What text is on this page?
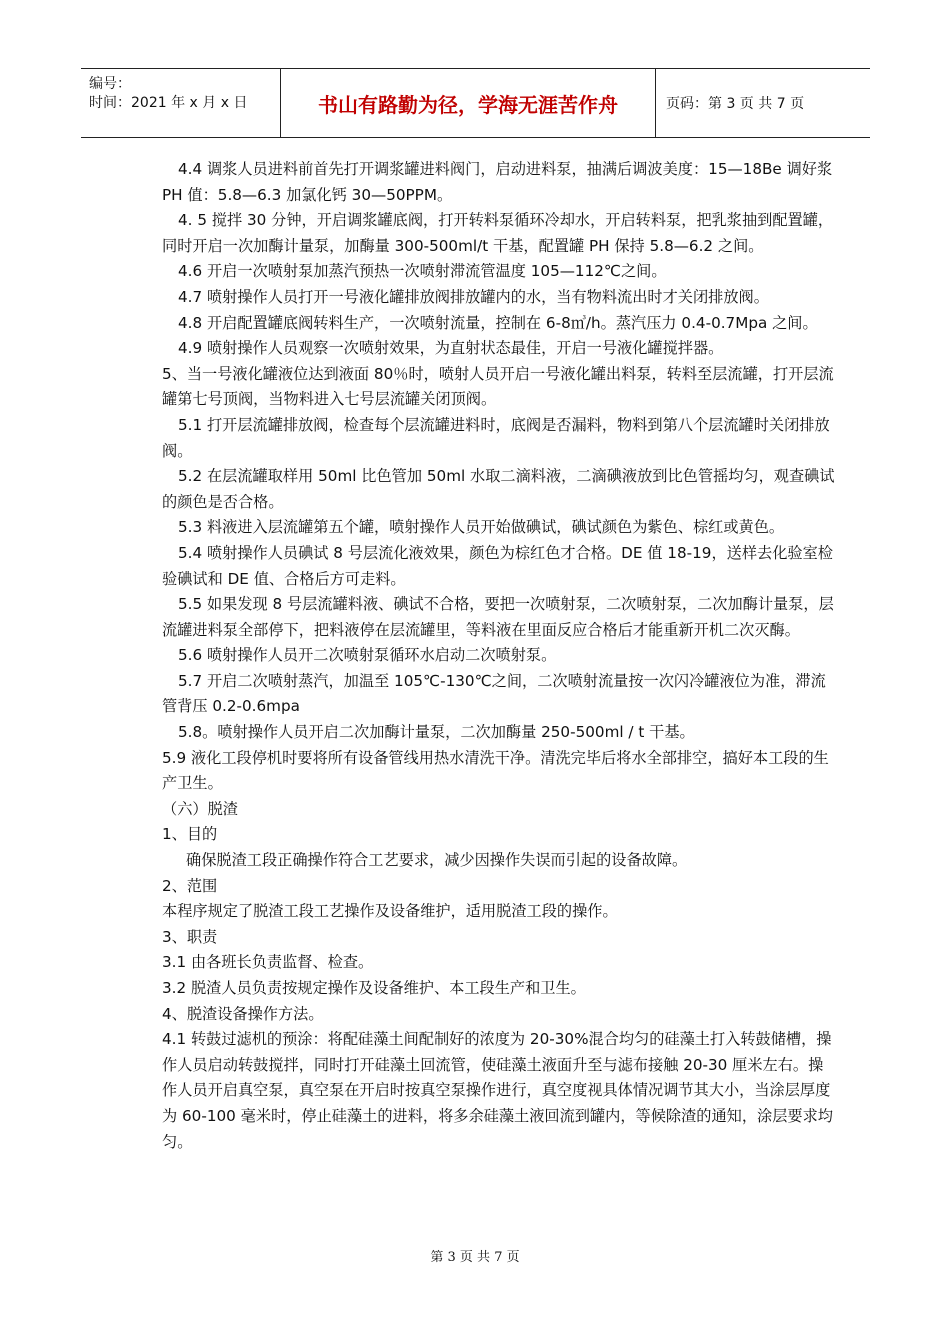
编号：
时间：2021 年 x 月 x 日	书山有路勤为径，学海无涯苦作舟	页码：第 3 页 共 7 页

4.4 调浆人员进料前首先打开调浆罐进料阀门，启动进料泵，抽满后调波美度：15—18Be 调好浆 PH 值：5.8—6.3 加氯化钙 30—50PPM。

4. 5 搅拌 30 分钟，开启调浆罐底阀，打开转料泵循环冷却水，开启转料泵，把乳浆抽到配置罐，同时开启一次加酶计量泵，加酶量 300-500ml/t 干基，配置罐 PH 保持 5.8—6.2 之间。

4.6 开启一次喷射泵加蒸汽预热一次喷射滞流管温度 105—112℃之间。

4.7 喷射操作人员打开一号液化罐排放阀排放罐内的水，当有物料流出时才关闭排放阀。

4.8 开启配置罐底阀转料生产，一次喷射流量，控制在 6-8㎥/h。蒸汽压力 0.4-0.7Mpa 之间。

4.9 喷射操作人员观察一次喷射效果，为直射状态最佳，开启一号液化罐搅拌器。

5、当一号液化罐液位达到液面 80％时，喷射人员开启一号液化罐出料泵，转料至层流罐，打开层流罐第七号顶阀，当物料进入七号层流罐关闭顶阀。

5.1 打开层流罐排放阀，检查每个层流罐进料时，底阀是否漏料，物料到第八个层流罐时关闭排放阀。

5.2 在层流罐取样用 50ml 比色管加 50ml 水取二滴料液，二滴碘液放到比色管摇均匀，观查碘试的颜色是否合格。

5.3 料液进入层流罐第五个罐，喷射操作人员开始做碘试，碘试颜色为紫色、棕红或黄色。

5.4 喷射操作人员碘试 8 号层流化液效果，颜色为棕红色才合格。DE 值 18-19，送样去化验室检验碘试和 DE 值、合格后方可走料。

5.5 如果发现 8 号层流罐料液、碘试不合格，要把一次喷射泵，二次喷射泵，二次加酶计量泵，层流罐进料泵全部停下，把料液停在层流罐里，等料液在里面反应合格后才能重新开机二次灭酶。

5.6 喷射操作人员开二次喷射泵循环水启动二次喷射泵。

5.7 开启二次喷射蒸汽，加温至 105℃-130℃之间，二次喷射流量按一次闪冷罐液位为准，滞流管背压 0.2-0.6mpa

5.8。喷射操作人员开启二次加酶计量泵，二次加酶量 250-500ml / t 干基。

5.9 液化工段停机时要将所有设备管线用热水清洗干净。清洗完毕后将水全部排空，搞好本工段的生产卫生。

（六）脱渣

1、目的

确保脱渣工段正确操作符合工艺要求，减少因操作失误而引起的设备故障。

2、范围

本程序规定了脱渣工段工艺操作及设备维护，适用脱渣工段的操作。

3、职责

3.1 由各班长负责监督、检查。

3.2 脱渣人员负责按规定操作及设备维护、本工段生产和卫生。

4、脱渣设备操作方法。

4.1 转鼓过滤机的预涂：将配硅藻土间配制好的浓度为 20-30%混合均匀的硅藻土打入转鼓储槽，操作人员启动转鼓搅拌，同时打开硅藻土回流管，使硅藻土液面升至与滤布接触 20-30 厘米左右。操作人员开启真空泵，真空泵在开启时按真空泵操作进行，真空度视具体情况调节其大小，当涂层厚度为 60-100 毫米时，停止硅藻土的进料，将多余硅藻土液回流到罐内，等候除渣的通知，涂层要求均匀。

第 3 页 共 7 页
